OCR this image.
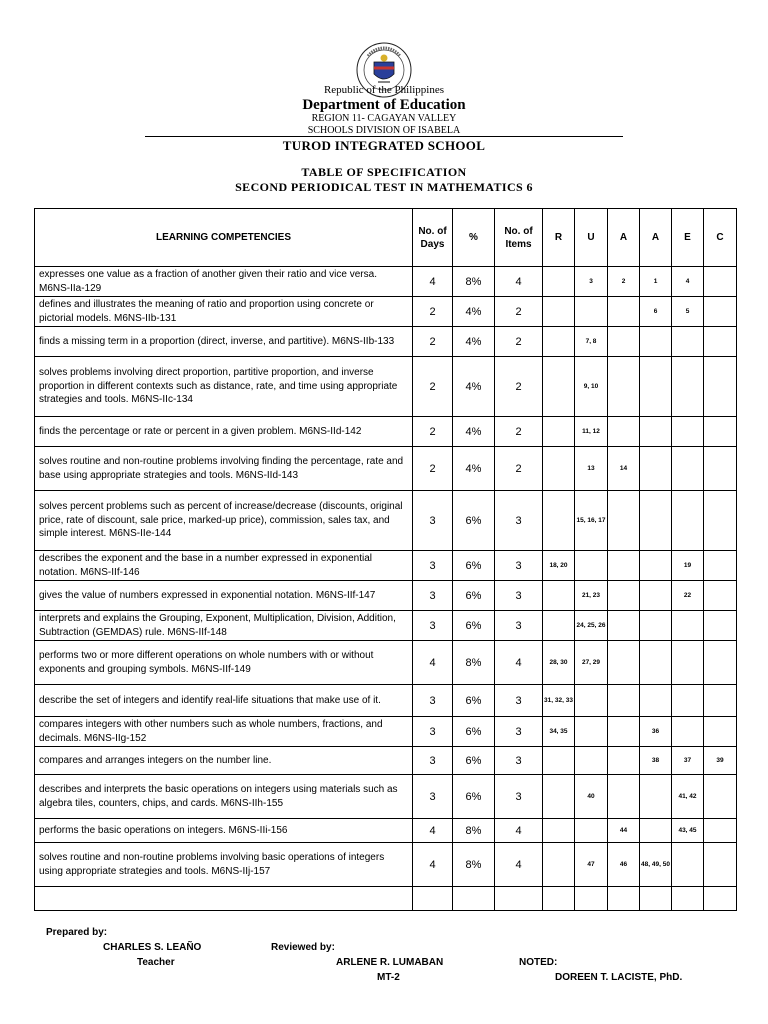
Republic of the Philippines
Department of Education
REGION 11- CAGAYAN VALLEY
SCHOOLS DIVISION OF ISABELA
TUROD INTEGRATED SCHOOL
TABLE OF SPECIFICATION
SECOND PERIODICAL TEST IN MATHEMATICS 6
LEARNING COMPETENCIES	No. of Days	%	No. of Items	R	U	A	A	E	C
expresses one value as a fraction of another given their ratio and vice versa. M6NS-IIa-129	4	8%	4		3	2	1	4	
defines and illustrates the meaning of ratio and proportion using concrete or pictorial models. M6NS-IIb-131	2	4%	2				6	5	
finds a missing term in a proportion (direct, inverse, and partitive). M6NS-IIb-133	2	4%	2		7, 8				
solves problems involving direct proportion, partitive proportion, and inverse proportion in different contexts such as distance, rate, and time using appropriate strategies and tools. M6NS-IIc-134	2	4%	2		9, 10				
finds the percentage or rate or percent in a given problem. M6NS-IId-142	2	4%	2		11, 12				
solves routine and non-routine problems involving finding the percentage, rate and base using appropriate strategies and tools. M6NS-IId-143	2	4%	2		13	14			
solves percent problems such as percent of increase/decrease (discounts, original price, rate of discount, sale price, marked-up price), commission, sales tax, and simple interest. M6NS-IIe-144	3	6%	3		15, 16, 17				
describes the exponent and the base in a number expressed in exponential notation. M6NS-IIf-146	3	6%	3	18, 20				19	
gives the value of numbers expressed in exponential notation. M6NS-IIf-147	3	6%	3		21, 23			22	
interprets and explains the Grouping, Exponent, Multiplication, Division, Addition, Subtraction (GEMDAS) rule. M6NS-IIf-148	3	6%	3		24, 25, 26				
performs two or more different operations on whole numbers with or without exponents and grouping symbols. M6NS-IIf-149	4	8%	4	28, 30	27, 29				
describe the set of integers and identify real-life situations that make use of it.	3	6%	3	31, 32, 33					
compares integers with other numbers such as whole numbers, fractions, and decimals. M6NS-IIg-152	3	6%	3	34, 35			36		
compares and arranges integers on the number line.	3	6%	3				38	37	39
describes and interprets the basic operations on integers using materials such as algebra tiles, counters, chips, and cards. M6NS-IIh-155	3	6%	3		40			41, 42	
performs the basic operations on integers. M6NS-IIi-156	4	8%	4			44		43, 45	
solves routine and non-routine problems involving basic operations of integers using appropriate strategies and tools. M6NS-IIj-157	4	8%	4		47	46	48, 49, 50		

Prepared by:
CHARLES S. LEAÑO
Teacher
Reviewed by:
ARLENE R. LUMABAN
MT-2
NOTED:
DOREEN T. LACISTE, PhD.
